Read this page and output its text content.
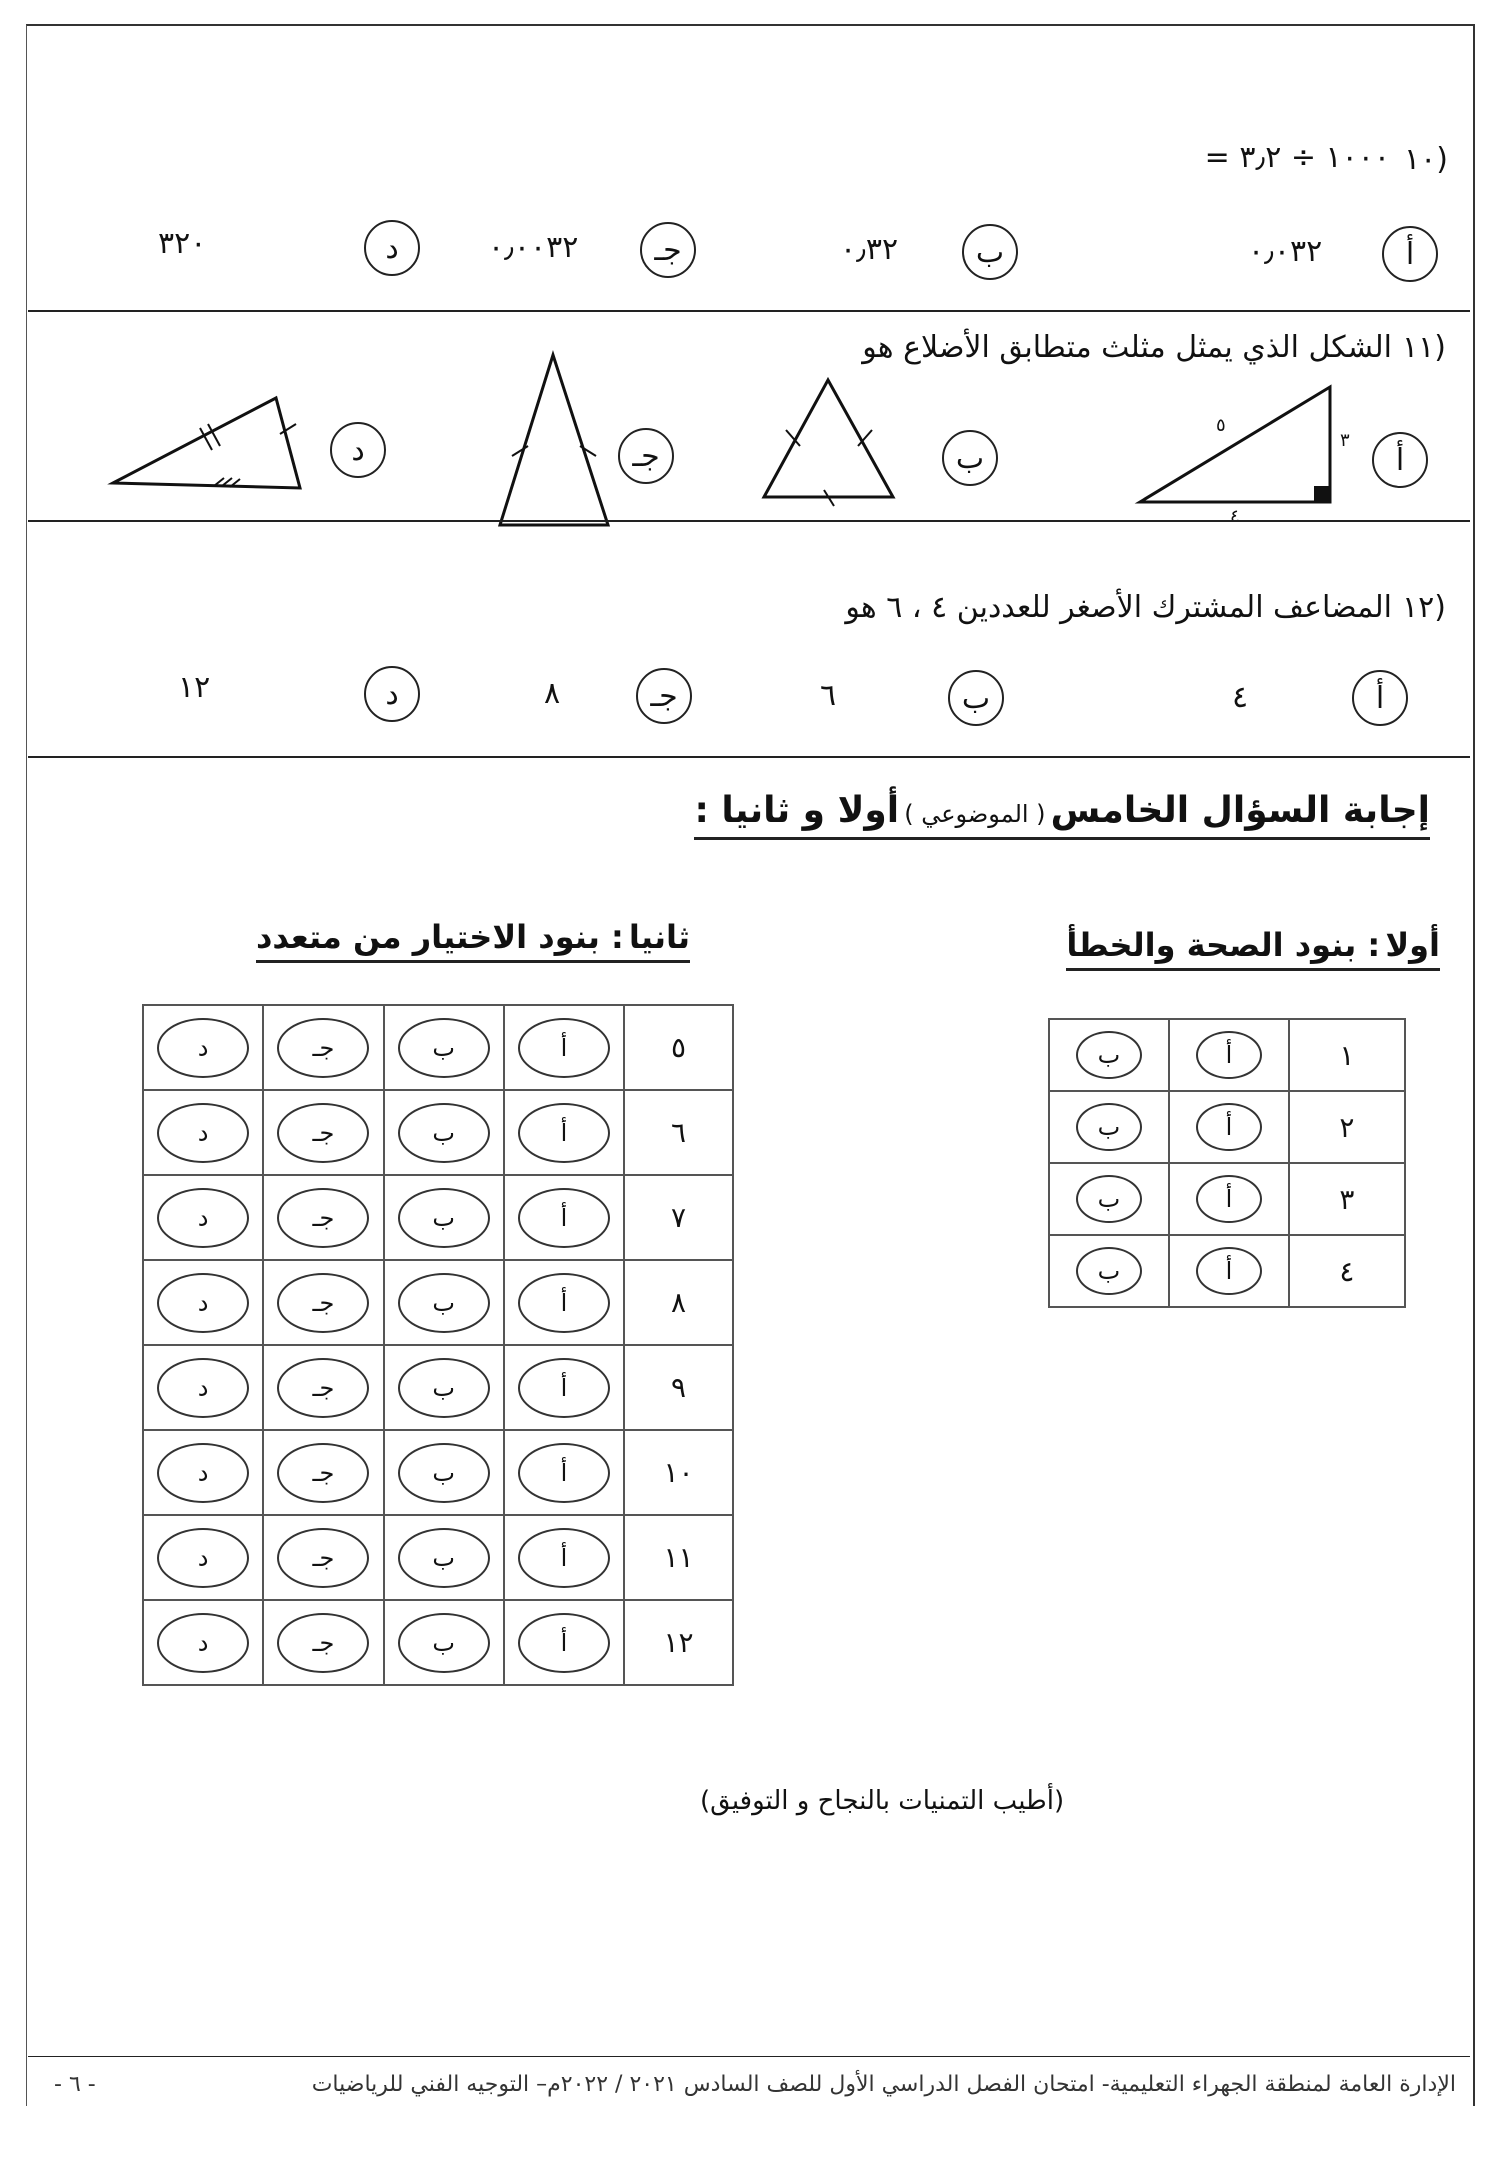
١٠)
= ١٠٠٠ ÷ ٣٫٢
أ
٠٫٠٣٢
ب
٠٫٣٢
جـ
٠٫٠٠٣٢
د
٣٢٠
١١)
الشكل الذي يمثل مثلث متطابق الأضلاع هو
أ
ب
جـ
د
٥
٣
٤
١٢)
المضاعف المشترك الأصغر للعددين ٤ ، ٦ هو
أ
٤
ب
٦
جـ
٨
د
١٢
إجابة السؤال الخامس ( الموضوعي ) أولا و ثانيا :
أولا : بنود الصحة والخطأ
ثانيا : بنود الاختيار من متعدد
ب	أ	١
ب	أ	٢
ب	أ	٣
ب	أ	٤
د	جـ	ب	أ	٥
د	جـ	ب	أ	٦
د	جـ	ب	أ	٧
د	جـ	ب	أ	٨
د	جـ	ب	أ	٩
د	جـ	ب	أ	١٠
د	جـ	ب	أ	١١
د	جـ	ب	أ	١٢
(أطيب التمنيات بالنجاح و التوفيق)
الإدارة العامة لمنطقة الجهراء التعليمية- امتحان الفصل الدراسي الأول للصف السادس ٢٠٢١ / ٢٠٢٢م– التوجيه الفني للرياضيات
- ٦ -
